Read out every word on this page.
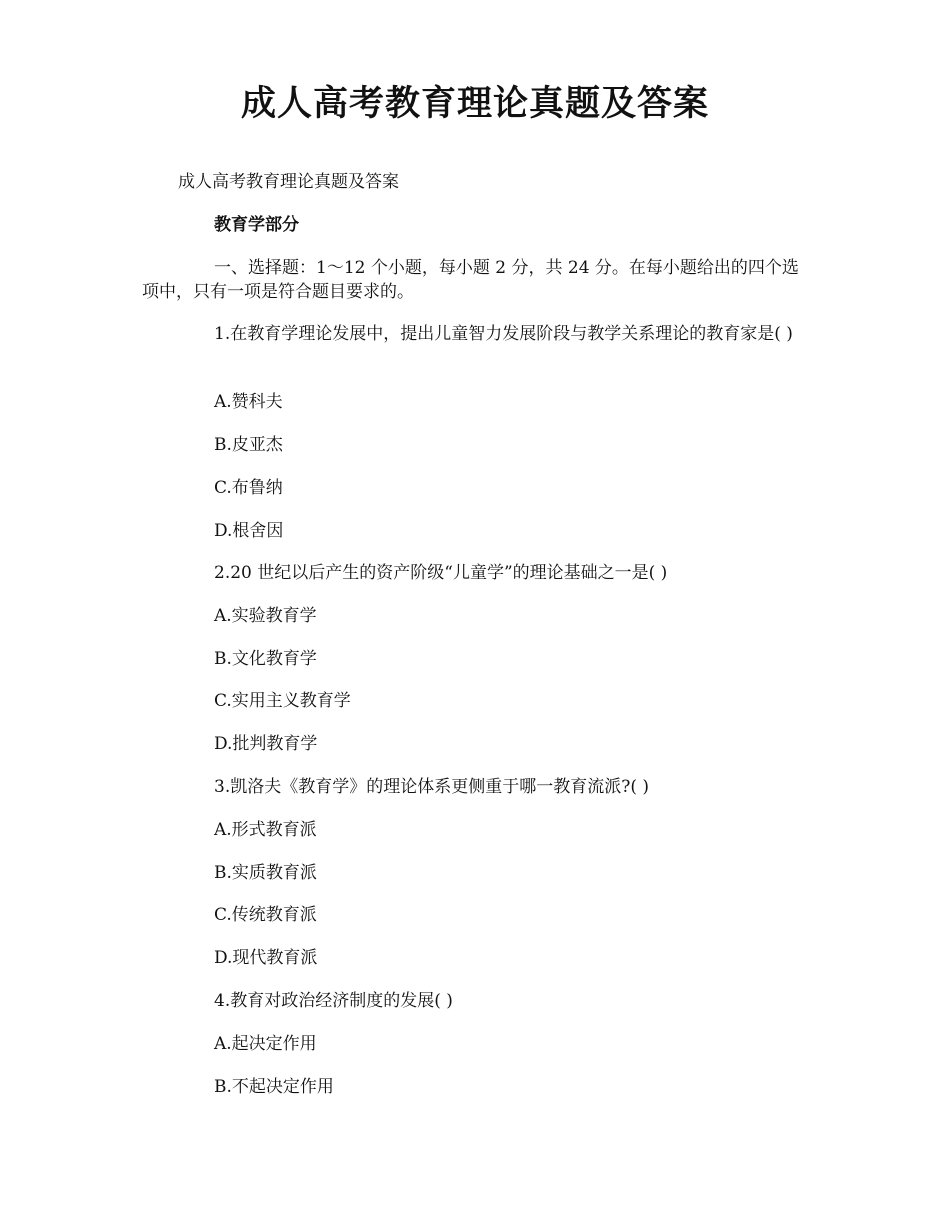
成人高考教育理论真题及答案

成人高考教育理论真题及答案

教育学部分

一、选择题：1～12 个小题，每小题 2 分，共 24 分。在每小题给出的四个选项中，只有一项是符合题目要求的。

1.在教育学理论发展中，提出儿童智力发展阶段与教学关系理论的教育家是( )

A.赞科夫

B.皮亚杰

C.布鲁纳

D.根舍因

2.20 世纪以后产生的资产阶级“儿童学”的理论基础之一是( )

A.实验教育学

B.文化教育学

C.实用主义教育学

D.批判教育学

3.凯洛夫《教育学》的理论体系更侧重于哪一教育流派?( )

A.形式教育派

B.实质教育派

C.传统教育派

D.现代教育派

4.教育对政治经济制度的发展( )

A.起决定作用

B.不起决定作用
